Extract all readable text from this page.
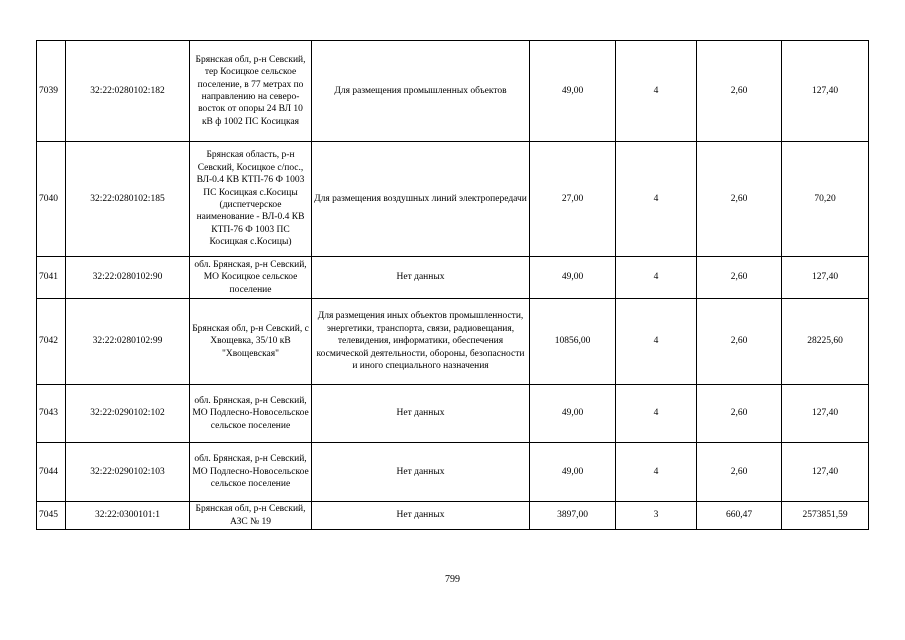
7039	32:22:0280102:182	Брянская обл, р-н Севский, тер Косицкое сельское поселение, в 77 метрах по направлению на северо-восток от опоры 24 ВЛ 10 кВ ф 1002 ПС Косицкая	Для размещения промышленных объектов	49,00	4	2,60	127,40
7040	32:22:0280102:185	Брянская область, р-н Севский, Косицкое с/пос., ВЛ-0.4 КВ КТП-76 Ф 1003 ПС Косицкая с.Косицы (диспетчерское наименование - ВЛ-0.4 КВ КТП-76 Ф 1003 ПС Косицкая с.Косицы)	Для размещения воздушных линий электропередачи	27,00	4	2,60	70,20
7041	32:22:0280102:90	обл. Брянская, р-н Севский, МО Косицкое сельское поселение	Нет данных	49,00	4	2,60	127,40
7042	32:22:0280102:99	Брянская обл, р-н Севский, с Хвощевка, 35/10 кВ "Хвощевская"	Для размещения иных объектов промышленности, энергетики, транспорта, связи, радиовещания, телевидения, информатики, обеспечения космической деятельности, обороны, безопасности и иного специального назначения	10856,00	4	2,60	28225,60
7043	32:22:0290102:102	обл. Брянская, р-н Севский, МО Подлесно-Новосельское сельское поселение	Нет данных	49,00	4	2,60	127,40
7044	32:22:0290102:103	обл. Брянская, р-н Севский, МО Подлесно-Новосельское сельское поселение	Нет данных	49,00	4	2,60	127,40
7045	32:22:0300101:1	Брянская обл, р-н Севский, АЗС № 19	Нет данных	3897,00	3	660,47	2573851,59
799
